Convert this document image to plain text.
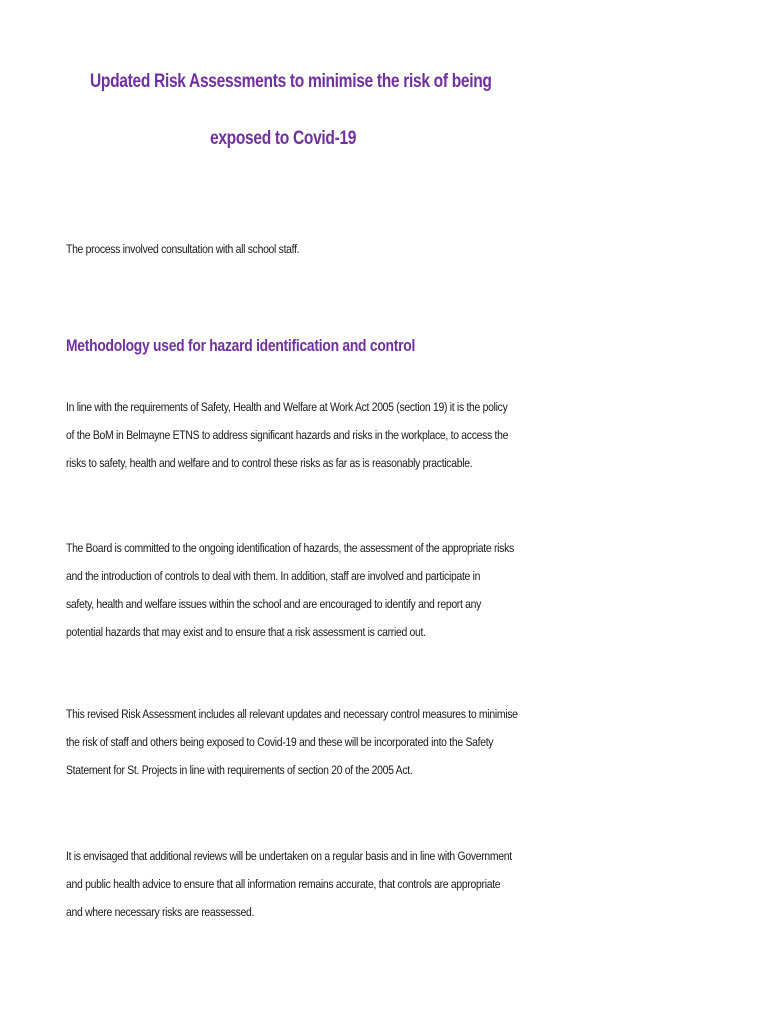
Updated Risk Assessments to minimise the risk of being
exposed to Covid-19

The process involved consultation with all school staff.

Methodology used for hazard identification and control

In line with the requirements of Safety, Health and Welfare at Work Act 2005 (section 19) it is the policy
of the BoM in Belmayne ETNS to address significant hazards and risks in the workplace, to access the
risks to safety, health and welfare and to control these risks as far as is reasonably practicable.

The Board is committed to the ongoing identification of hazards, the assessment of the appropriate risks
and the introduction of controls to deal with them. In addition, staff are involved and participate in
safety, health and welfare issues within the school and are encouraged to identify and report any
potential hazards that may exist and to ensure that a risk assessment is carried out.

This revised Risk Assessment includes all relevant updates and necessary control measures to minimise
the risk of staff and others being exposed to Covid-19 and these will be incorporated into the Safety
Statement for St. Projects in line with requirements of section 20 of the 2005 Act.

It is envisaged that additional reviews will be undertaken on a regular basis and in line with Government
and public health advice to ensure that all information remains accurate, that controls are appropriate
and where necessary risks are reassessed.
